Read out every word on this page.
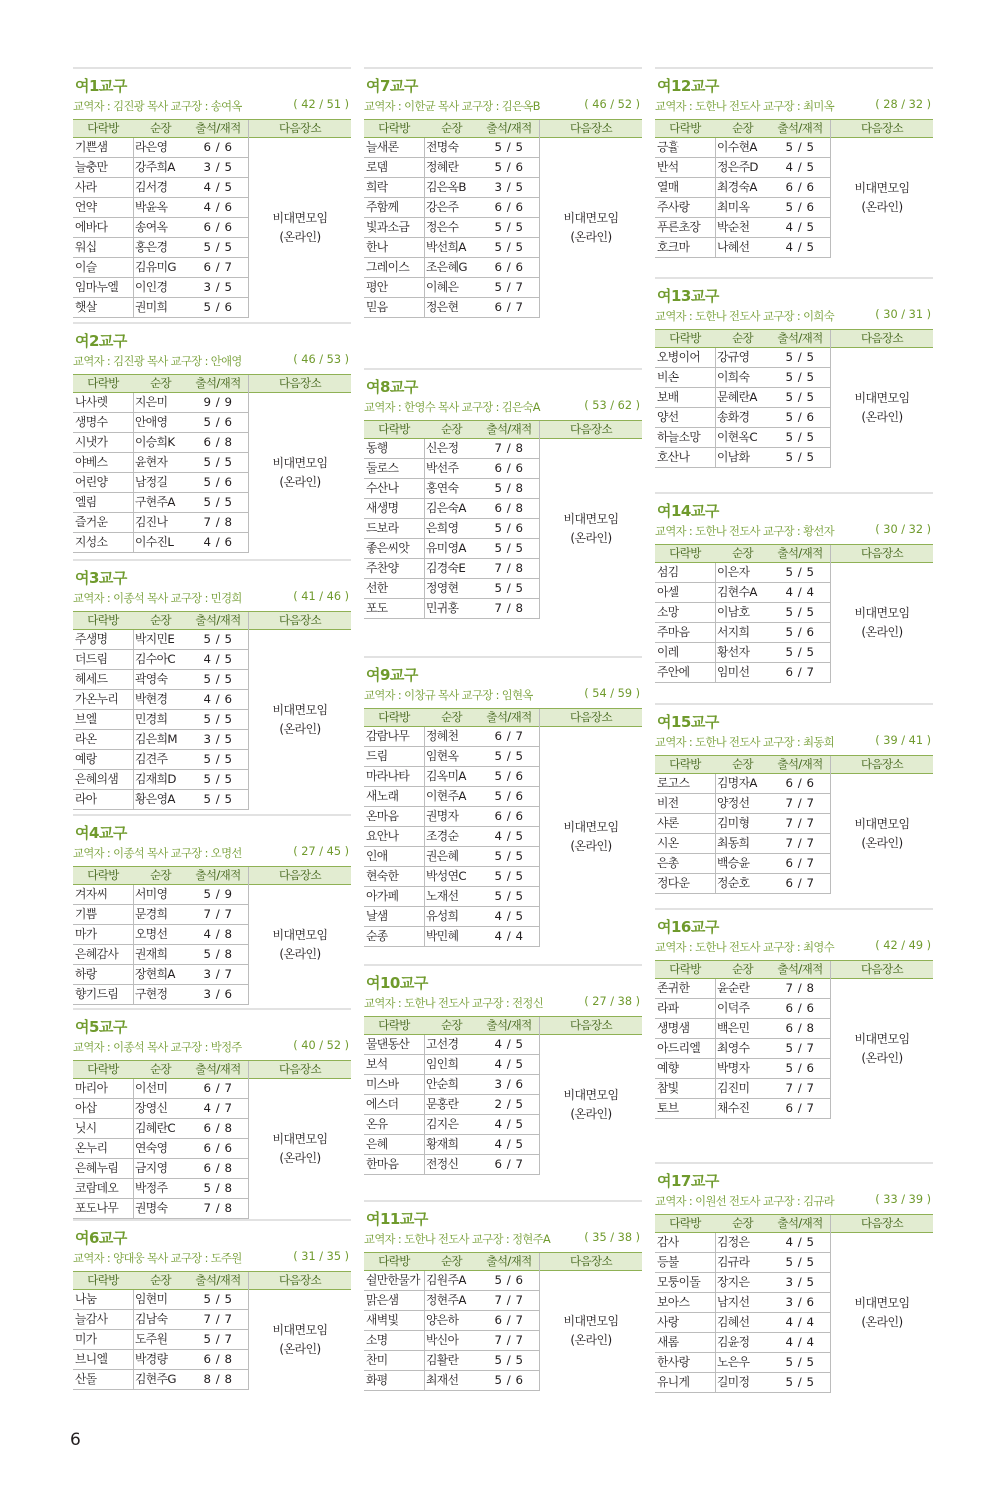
여1교구
교역자 : 김진광 목사 교구장 : 송여옥	( 42 / 51 )
다락방	순장	출석/재적	다음장소
기쁜샘	라은영	6 / 6
늘충만	강주희A	3 / 5
사라	김서경	4 / 5
언약	박윤옥	4 / 6
에바다	송여옥	6 / 6
워십	홍은경	5 / 5
이슬	김유미G	6 / 7
임마누엘	이인경	3 / 5
햇살	권미희	5 / 6
비대면모임
(온라인)
여2교구
교역자 : 김진광 목사 교구장 : 안애영	( 46 / 53 )
다락방	순장	출석/재적	다음장소
나사렛	지은미	9 / 9
생명수	안애영	5 / 6
시냇가	이승희K	6 / 8
야베스	윤현자	5 / 5
어린양	남정길	5 / 6
엘림	구현주A	5 / 5
즐거운	김진나	7 / 8
지성소	이수진L	4 / 6
비대면모임
(온라인)
여3교구
교역자 : 이종석 목사 교구장 : 민경희	( 41 / 46 )
다락방	순장	출석/재적	다음장소
주생명	박지민E	5 / 5
더드림	김수아C	4 / 5
헤세드	곽영숙	5 / 5
가온누리	박현경	4 / 6
브엘	민경희	5 / 5
라온	김은희M	3 / 5
예랑	김견주	5 / 5
은혜의샘	김재희D	5 / 5
라아	황은영A	5 / 5
비대면모임
(온라인)
여4교구
교역자 : 이종석 목사 교구장 : 오명선	( 27 / 45 )
다락방	순장	출석/재적	다음장소
겨자씨	서미영	5 / 9
기쁨	문경희	7 / 7
마가	오명선	4 / 8
은혜감사	권재희	5 / 8
하랑	장현희A	3 / 7
향기드림	구현정	3 / 6
비대면모임
(온라인)
여5교구
교역자 : 이종석 목사 교구장 : 박정주	( 40 / 52 )
다락방	순장	출석/재적	다음장소
마리아	이선미	6 / 7
아삽	장영신	4 / 7
닛시	김혜란C	6 / 8
온누리	연숙영	6 / 6
은혜누림	금지영	6 / 8
코람데오	박정주	5 / 8
포도나무	권명숙	7 / 8
비대면모임
(온라인)
여6교구
교역자 : 양대웅 목사 교구장 : 도주원	( 31 / 35 )
다락방	순장	출석/재적	다음장소
나눔	임현미	5 / 5
늘감사	김남숙	7 / 7
미가	도주원	5 / 7
브니엘	박경량	6 / 8
산돌	김현주G	8 / 8
비대면모임
(온라인)
여7교구
교역자 : 이한균 목사 교구장 : 김은옥B	( 46 / 52 )
다락방	순장	출석/재적	다음장소
늘새론	전명숙	5 / 5
로뎀	정혜란	5 / 6
희락	김은옥B	3 / 5
주함께	강은주	6 / 6
빛과소금	정은수	5 / 5
한나	박선희A	5 / 5
그레이스	조은혜G	6 / 6
평안	이혜은	5 / 7
믿음	정은현	6 / 7
비대면모임
(온라인)
여8교구
교역자 : 한영수 목사 교구장 : 김은숙A	( 53 / 62 )
다락방	순장	출석/재적	다음장소
동행	신은정	7 / 8
둘로스	박선주	6 / 6
수산나	홍연숙	5 / 8
새생명	김은숙A	6 / 8
드보라	은희영	5 / 6
좋은씨앗	유미영A	5 / 5
주찬양	김경숙E	7 / 8
선한	정영현	5 / 5
포도	민귀홍	7 / 8
비대면모임
(온라인)
여9교구
교역자 : 이창규 목사 교구장 : 임현옥	( 54 / 59 )
다락방	순장	출석/재적	다음장소
감람나무	정혜천	6 / 7
드림	임현옥	5 / 5
마라나타	김옥미A	5 / 6
새노래	이현주A	5 / 6
온마음	권명자	6 / 6
요안나	조경순	4 / 5
인애	권은혜	5 / 5
현숙한	박성연C	5 / 5
아가페	노재선	5 / 5
날샘	유성희	4 / 5
순종	박민혜	4 / 4
비대면모임
(온라인)
여10교구
교역자 : 도한나 전도사 교구장 : 전정신	( 27 / 38 )
다락방	순장	출석/재적	다음장소
물댄동산	고선경	4 / 5
보석	임인희	4 / 5
미스바	안순희	3 / 6
에스더	문홍란	2 / 5
온유	김지은	4 / 5
은혜	황재희	4 / 5
한마음	전정신	6 / 7
비대면모임
(온라인)
여11교구
교역자 : 도한나 전도사 교구장 : 정현주A	( 35 / 38 )
다락방	순장	출석/재적	다음장소
쉴만한물가 김원주A	5 / 6
맑은샘	정현주A	7 / 7
새벽빛	양은하	6 / 7
소명	박신아	7 / 7
찬미	김활란	5 / 5
화평	최재선	5 / 6
비대면모임
(온라인)
여12교구
교역자 : 도한나 전도사 교구장 : 최미옥	( 28 / 32 )
다락방	순장	출석/재적	다음장소
긍휼	이수현A	5 / 5
반석	정은주D	4 / 5
열매	최경숙A	6 / 6
주사랑	최미옥	5 / 6
푸른초장	박순천	4 / 5
호크마	나혜선	4 / 5
비대면모임
(온라인)
여13교구
교역자 : 도한나 전도사 교구장 : 이희숙	( 30 / 31 )
다락방	순장	출석/재적	다음장소
오병이어	강규영	5 / 5
비손	이희숙	5 / 5
보배	문혜란A	5 / 5
양선	송화경	5 / 6
하늘소망	이현옥C	5 / 5
호산나	이남화	5 / 5
비대면모임
(온라인)
여14교구
교역자 : 도한나 전도사 교구장 : 황선자	( 30 / 32 )
다락방	순장	출석/재적	다음장소
섬김	이은자	5 / 5
아셀	김현수A	4 / 4
소망	이남호	5 / 5
주마음	서지희	5 / 6
이레	황선자	5 / 5
주안에	임미선	6 / 7
비대면모임
(온라인)
여15교구
교역자 : 도한나 전도사 교구장 : 최동희	( 39 / 41 )
다락방	순장	출석/재적	다음장소
로고스	김명자A	6 / 6
비전	양정선	7 / 7
샤론	김미형	7 / 7
시온	최동희	7 / 7
은총	백승윤	6 / 7
정다운	정순호	6 / 7
비대면모임
(온라인)
여16교구
교역자 : 도한나 전도사 교구장 : 최영수	( 42 / 49 )
다락방	순장	출석/재적	다음장소
존귀한	윤순란	7 / 8
라파	이덕주	6 / 6
생명샘	백은민	6 / 8
아드리엘	최영수	5 / 7
예향	박명자	5 / 6
참빛	김진미	7 / 7
토브	채수진	6 / 7
비대면모임
(온라인)
여17교구
교역자 : 이원선 전도사 교구장 : 김규라	( 33 / 39 )
다락방	순장	출석/재적	다음장소
감사	김정은	4 / 5
등불	김규라	5 / 5
모퉁이돌	장지은	3 / 5
보아스	남지선	3 / 6
사랑	김혜선	4 / 4
새롬	김윤정	4 / 4
한사랑	노은우	5 / 5
유니게	길미정	5 / 5
비대면모임
(온라인)
6
